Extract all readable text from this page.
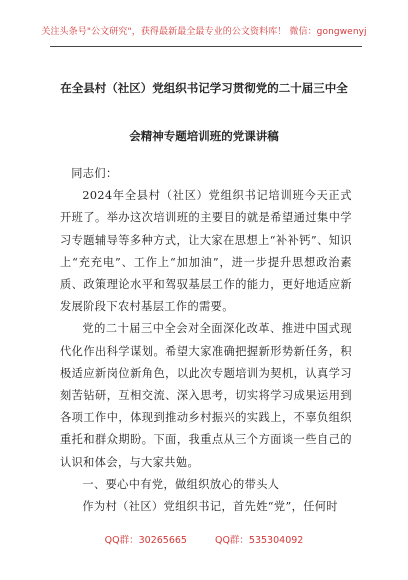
关注头条号"公文研究"，获得最新最全最专业的公文资料库！ 微信：gongwenyj
在全县村（社区）党组织书记学习贯彻党的二十届三中全
会精神专题培训班的党课讲稿

同志们：

2024年全县村（社区）党组织书记培训班今天正式开班了。举办这次培训班的主要目的就是希望通过集中学习专题辅导等多种方式，让大家在思想上“补补钙”、知识上“充充电”、工作上“加加油”，进一步提升思想政治素质、政策理论水平和驾驭基层工作的能力，更好地适应新发展阶段下农村基层工作的需要。

党的二十届三中全会对全面深化改革、推进中国式现代化作出科学谋划。希望大家准确把握新形势新任务，积极适应新岗位新角色，以此次专题培训为契机，认真学习刻苦钻研，互相交流、深入思考，切实将学习成果运用到各项工作中，体现到推动乡村振兴的实践上，不辜负组织重托和群众期盼。下面，我重点从三个方面谈一些自己的认识和体会，与大家共勉。

一、要心中有党，做组织放心的带头人

作为村（社区）党组织书记，首先姓“党”，任何时

QQ群：30265665	QQ群：535304092
